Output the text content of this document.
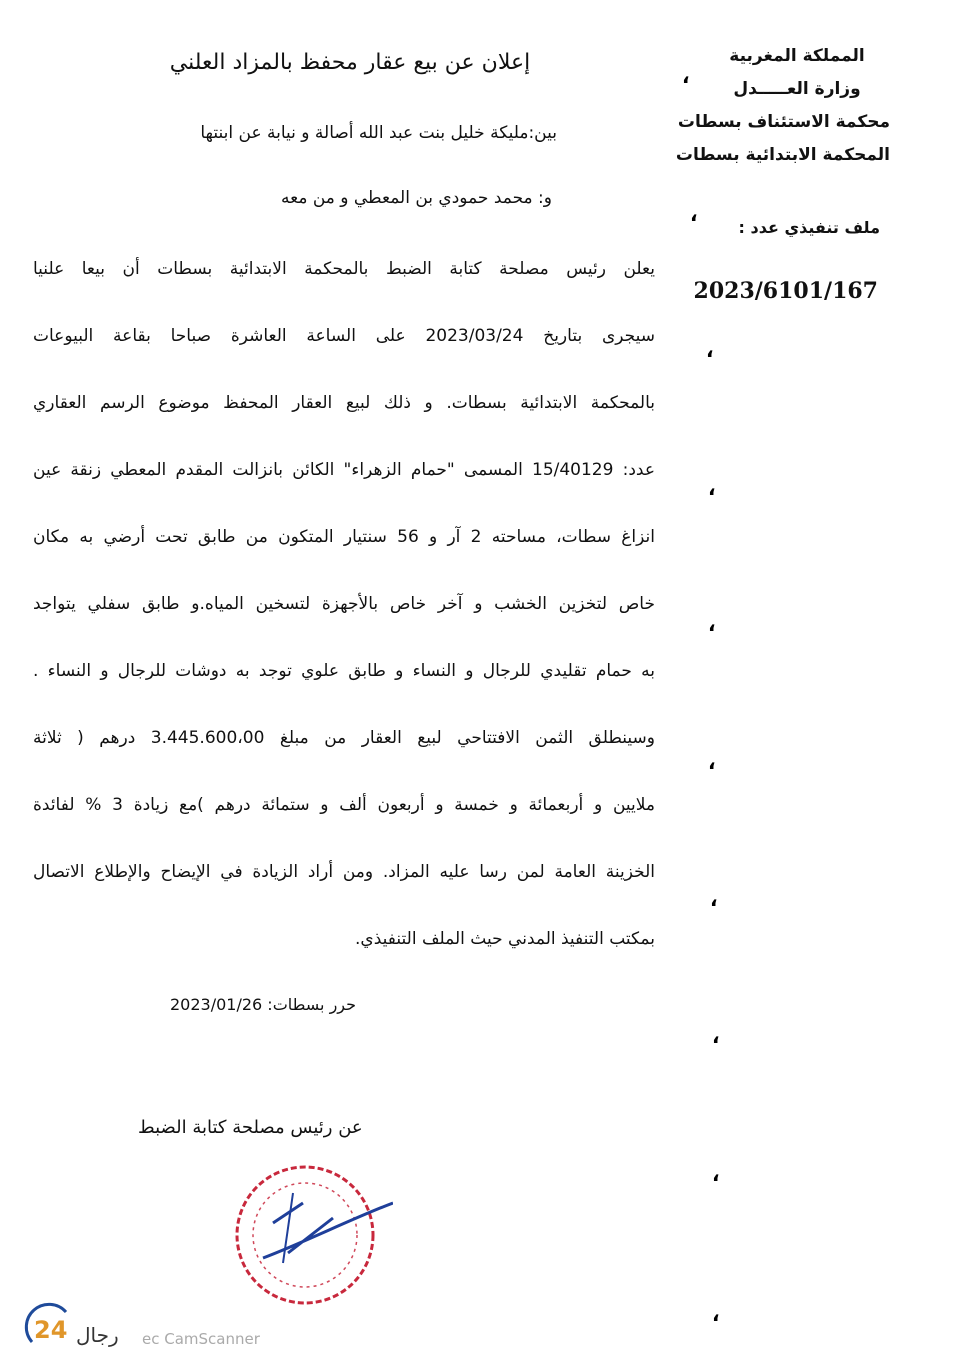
المملكة المغربية
وزارة العـــــدل
محكمة الاستئناف بسطات
المحكمة الابتدائية بسطات
ملف تنفيذي عدد :
2023/6101/167
،
،
،
،
،
،
،
،
،
،
إعلان عن بيع عقار محفظ بالمزاد العلني
بين:مليكة خليل بنت عبد الله أصالة و نيابة عن ابنتها
و: محمد حمودي بن المعطي و من معه

يعلن رئيس مصلحة كتابة الضبط بالمحكمة الابتدائية بسطات أن بيعا علنيا

سيجرى بتاريخ 2023/03/24 على الساعة العاشرة صباحا بقاعة البيوعات

بالمحكمة الابتدائية بسطات. و ذلك لبيع العقار المحفظ موضوع الرسم العقاري

عدد: 15/40129 المسمى "حمام الزهراء" الكائن بانزالت المقدم المعطي زنقة عين

انزاغ سطات، مساحته 2 آر و 56 سنتيار المتكون من طابق تحت أرضي به مكان

خاص لتخزين الخشب و آخر خاص بالأجهزة لتسخين المياه.و طابق سفلي يتواجد

به حمام تقليدي للرجال و النساء و طابق علوي توجد به دوشات للرجال و النساء .

وسينطلق الثمن الافتتاحي لبيع العقار من مبلغ 3.445.600،00 درهم ( ثلاثة

ملايين و أربعمائة و خمسة و أربعون ألف و ستمائة درهم )مع زيادة 3 % لفائدة

الخزينة العامة لمن رسا عليه المزاد. ومن أراد الزيادة في الإيضاح والإطلاع الاتصال

بمكتب التنفيذ المدني حيث الملف التنفيذي.

حرر بسطات: 2023/01/26
عن رئيس مصلحة كتابة الضبط
24 رجال ec CamScanner
